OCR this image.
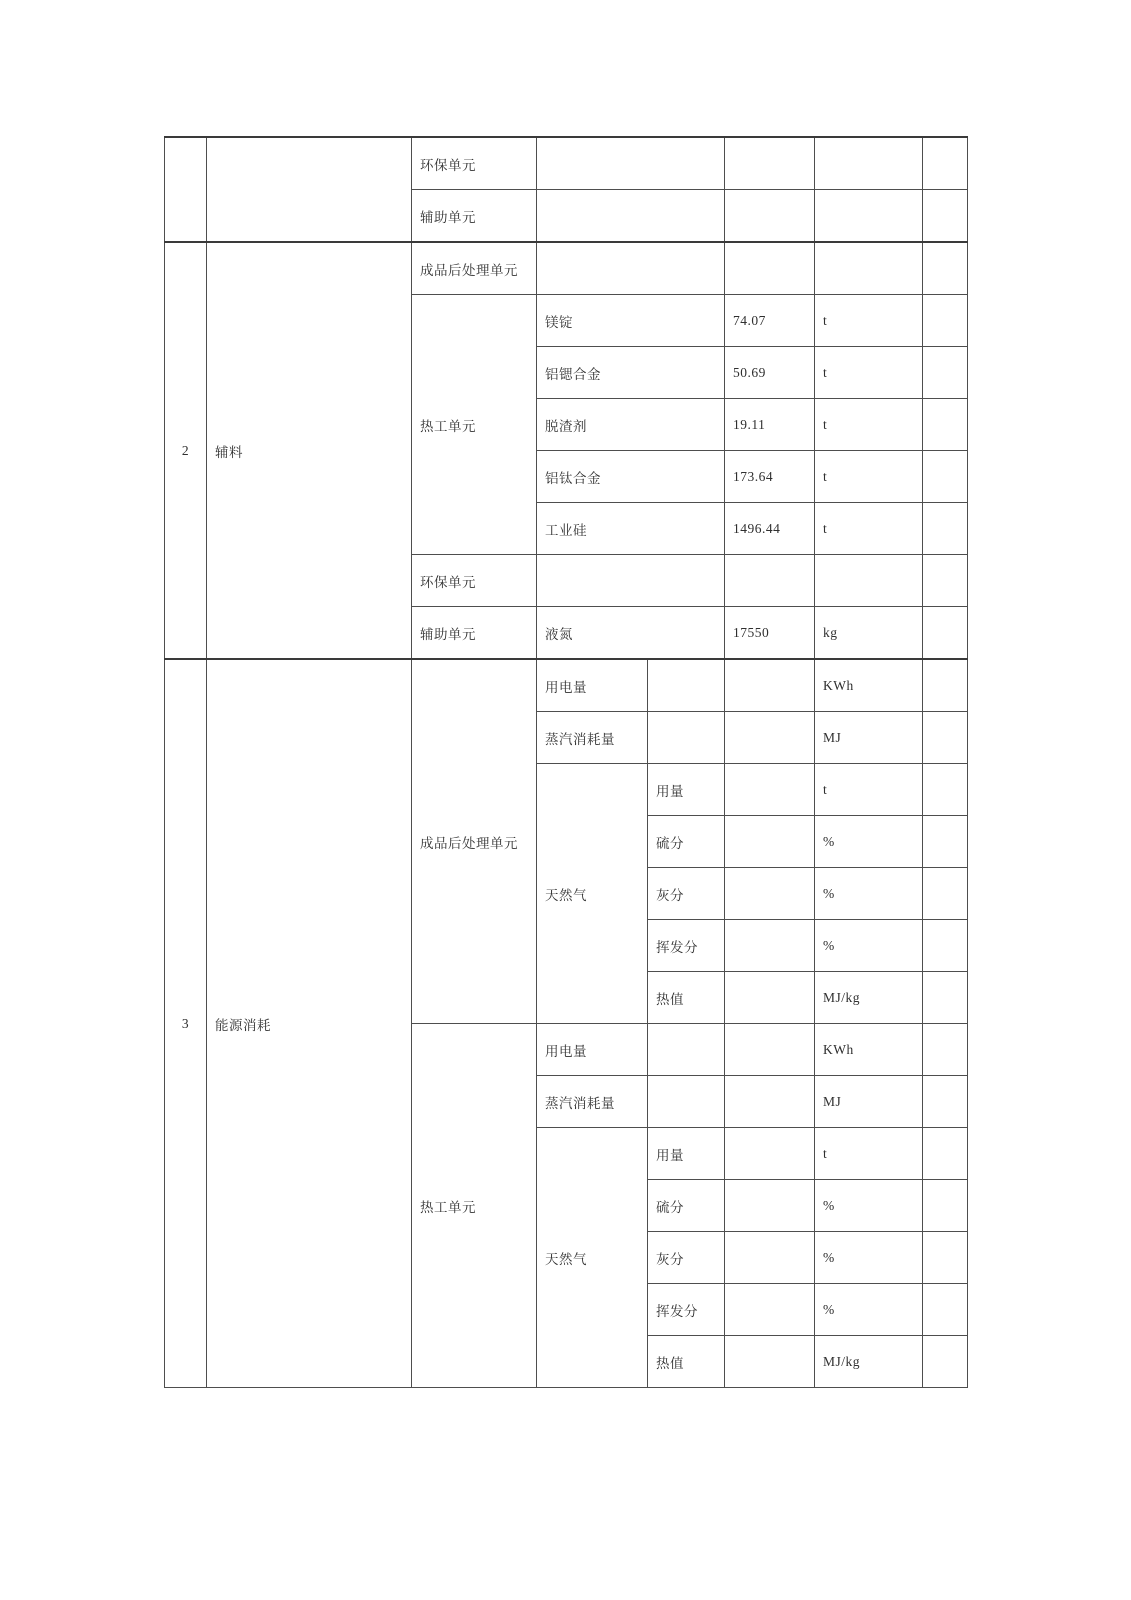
		环保单元					
		辅助单元					
2	辅料	成品后处理单元					
		热工单元	镁锭		74.07	t	
			铝锶合金		50.69	t	
			脱渣剂		19.11	t	
			铝钛合金		173.64	t	
			工业硅		1496.44	t	
		环保单元					
		辅助单元	液氮		17550	kg	
3	能源消耗	成品后处理单元	用电量			KWh	
			蒸汽消耗量			MJ	
			天然气	用量		t	
				硫分		%	
				灰分		%	
				挥发分		%	
				热值		MJ/kg	
		热工单元	用电量			KWh	
			蒸汽消耗量			MJ	
			天然气	用量		t	
				硫分		%	
				灰分		%	
				挥发分		%	
				热值		MJ/kg	
